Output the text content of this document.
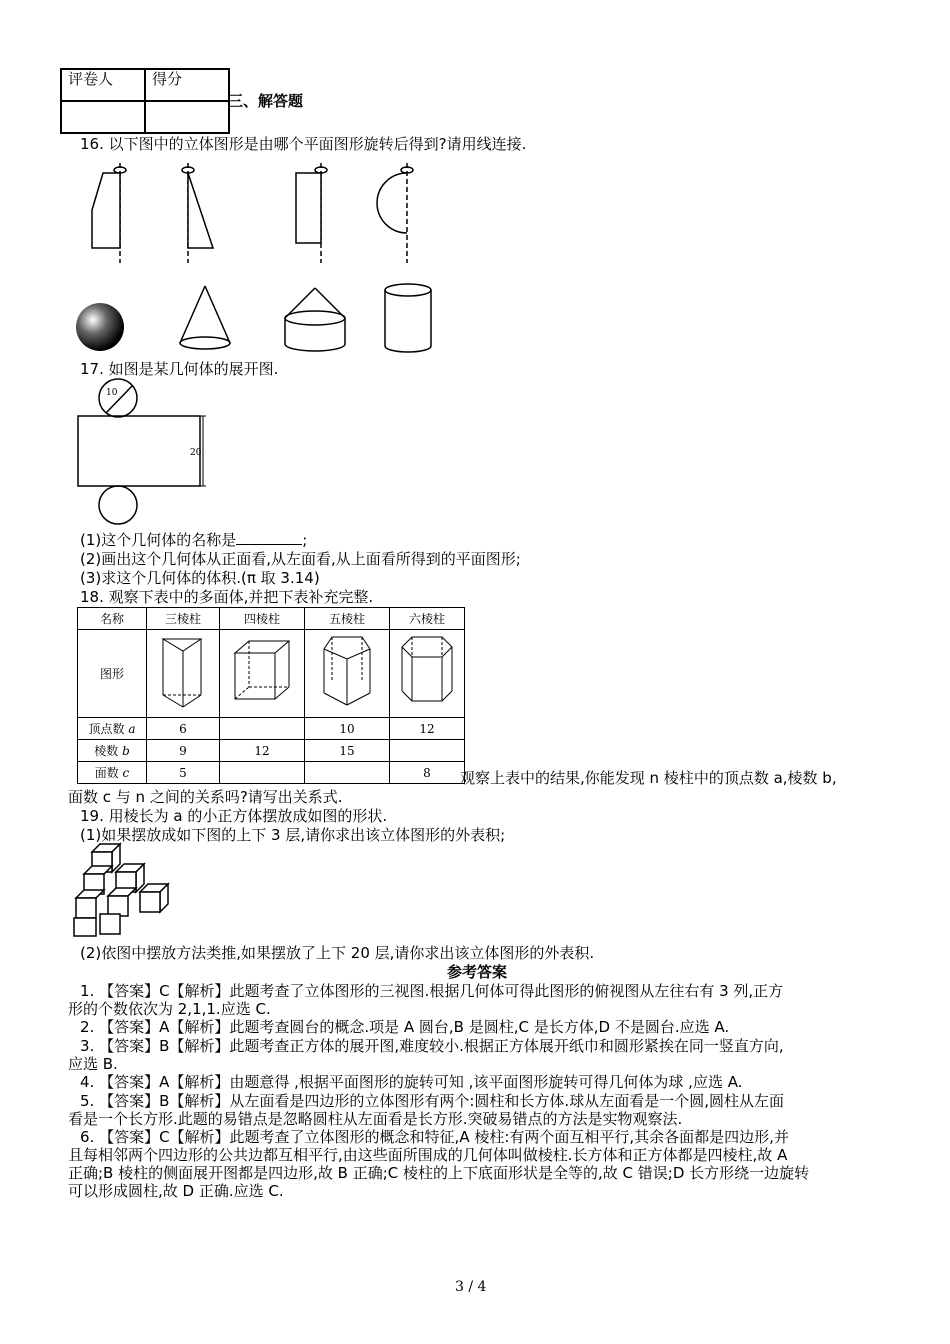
评卷人	得分

三、解答题
16. 以下图中的立体图形是由哪个平面图形旋转后得到?请用线连接.
17. 如图是某几何体的展开图.
10
20
(1)这个几何体的名称是	;
(2)画出这个几何体从正面看,从左面看,从上面看所得到的平面图形;
(3)求这个几何体的体积.(π 取 3.14)
18. 观察下表中的多面体,并把下表补充完整.
名称	三棱柱	四棱柱	五棱柱	六棱柱
图形				
顶点数 a	6		10	12
棱数 b	9	12	15	
面数 c	5			8 观察上表中的结果,你能发现 n 棱柱中的顶点数 a,棱数 b,
面数 c 与 n 之间的关系吗?请写出关系式.
19. 用棱长为 a 的小正方体摆放成如图的形状.
(1)如果摆放成如下图的上下 3 层,请你求出该立体图形的外表积;
(2)依图中摆放方法类推,如果摆放了上下 20 层,请你求出该立体图形的外表积.
参考答案
1. 【答案】C【解析】此题考查了立体图形的三视图.根据几何体可得此图形的俯视图从左往右有 3 列,正方
形的个数依次为 2,1,1.应选 C.
2. 【答案】A【解析】此题考查圆台的概念.项是 A 圆台,B 是圆柱,C 是长方体,D 不是圆台.应选 A.
3. 【答案】B【解析】此题考查正方体的展开图,难度较小.根据正方体展开纸巾和圆形紧挨在同一竖直方向,
应选 B.
4. 【答案】A【解析】由题意得 ,根据平面图形的旋转可知 ,该平面图形旋转可得几何体为球 ,应选 A.
5. 【答案】B【解析】从左面看是四边形的立体图形有两个:圆柱和长方体.球从左面看是一个圆,圆柱从左面
看是一个长方形.此题的易错点是忽略圆柱从左面看是长方形.突破易错点的方法是实物观察法.
6. 【答案】C【解析】此题考查了立体图形的概念和特征,A 棱柱:有两个面互相平行,其余各面都是四边形,并
且每相邻两个四边形的公共边都互相平行,由这些面所围成的几何体叫做棱柱.长方体和正方体都是四棱柱,故 A
正确;B 棱柱的侧面展开图都是四边形,故 B 正确;C 棱柱的上下底面形状是全等的,故 C 错误;D 长方形绕一边旋转
可以形成圆柱,故 D 正确.应选 C.
3 / 4
